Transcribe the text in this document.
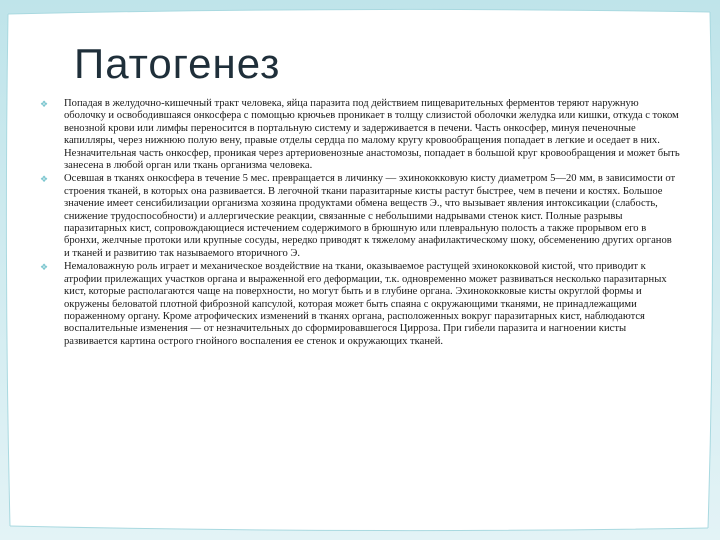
Патогенез
❖ Попадая в желудочно-кишечный тракт человека, яйца паразита под действием пищеварительных ферментов теряют наружную оболочку и освободившаяся онкосфера с помощью крючьев проникает в толщу слизистой оболочки желудка или кишки, откуда с током венозной крови или лимфы переносится в портальную систему и задерживается в печени. Часть онкосфер, минуя печеночные капилляры, через нижнюю полую вену, правые отделы сердца по малому кругу кровообращения попадает в легкие и оседает в них. Незначительная часть онкосфер, проникая через артериовенозные анастомозы, попадает в большой круг кровообращения и может быть занесена в любой орган или ткань организма человека.
❖ Осевшая в тканях онкосфера в течение 5 мес. превращается в личинку — эхинококковую кисту диаметром 5—20 мм, в зависимости от строения тканей, в которых она развивается. В легочной ткани паразитарные кисты растут быстрее, чем в печени и костях. Большое значение имеет сенсибилизации организма хозяина продуктами обмена веществ Э., что вызывает явления интоксикации (слабость, снижение трудоспособности) и аллергические реакции, связанные с небольшими надрывами стенок кист. Полные разрывы паразитарных кист, сопровождающиеся истечением содержимого в брюшную или плевральную полость а также прорывом его в бронхи, желчные протоки или крупные сосуды, нередко приводят к тяжелому анафилактическому шоку, обсеменению других органов и тканей и развитию так называемого вторичного Э.
❖ Немаловажную роль играет и механическое воздействие на ткани, оказываемое растущей эхинококковой кистой, что приводит к атрофии прилежащих участков органа и выраженной его деформации, т.к. одновременно может развиваться несколько паразитарных кист, которые располагаются чаще на поверхности, но могут быть и в глубине органа. Эхинококковые кисты округлой формы и окружены беловатой плотной фиброзной капсулой, которая может быть спаяна с окружающими тканями, не принадлежащими пораженному органу. Кроме атрофических изменений в тканях органа, расположенных вокруг паразитарных кист, наблюдаются воспалительные изменения — от незначительных до сформировавшегося Цирроза. При гибели паразита и нагноении кисты развивается картина острого гнойного воспаления ее стенок и окружающих тканей.
